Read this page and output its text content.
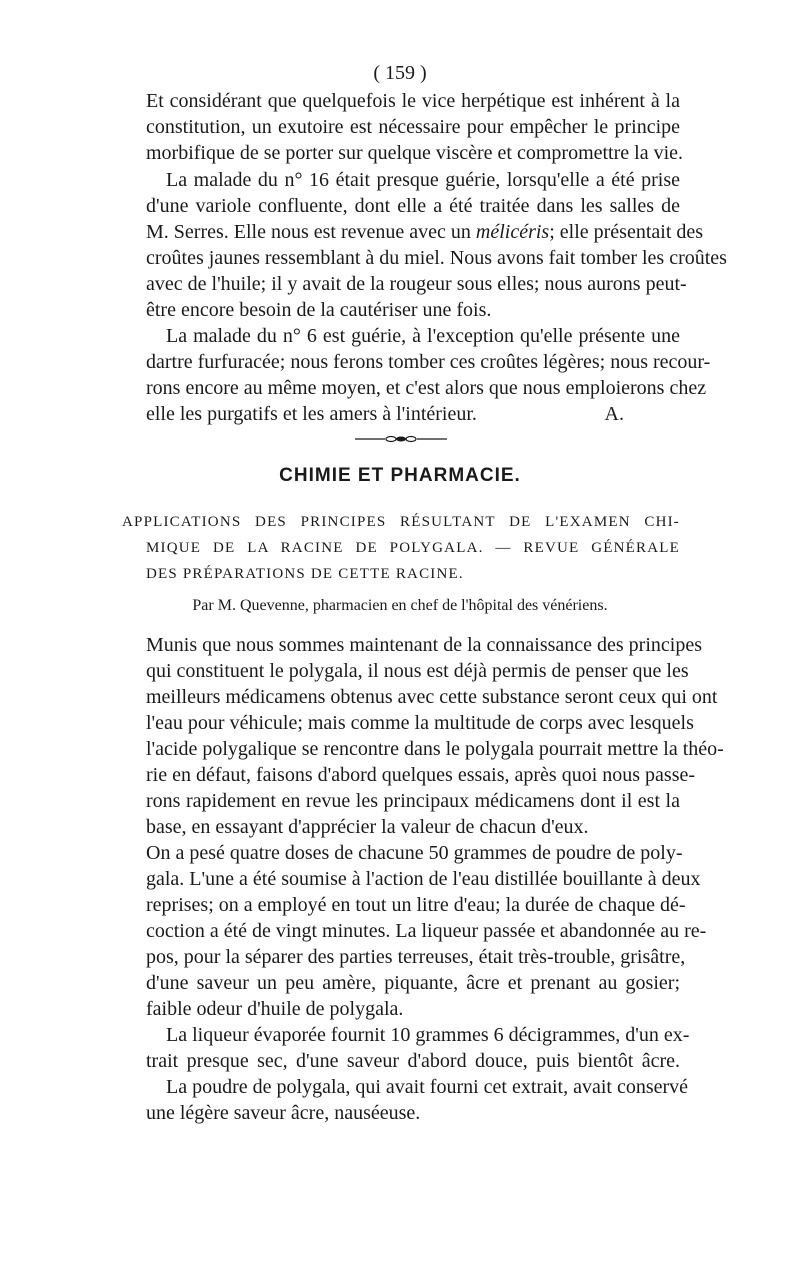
( 159 )
Et considérant que quelquefois le vice herpétique est inhérent à la
constitution, un exutoire est nécessaire pour empêcher le principe
morbifique de se porter sur quelque viscère et compromettre la vie.
La malade du n° 16 était presque guérie, lorsqu'elle a été prise
d'une variole confluente, dont elle a été traitée dans les salles de
M. Serres. Elle nous est revenue avec un mélicéris; elle présentait des
croûtes jaunes ressemblant à du miel. Nous avons fait tomber les croûtes
avec de l'huile; il y avait de la rougeur sous elles; nous aurons peut-
être encore besoin de la cautériser une fois.
La malade du n° 6 est guérie, à l'exception qu'elle présente une
dartre furfuracée; nous ferons tomber ces croûtes légères; nous recour-
rons encore au même moyen, et c'est alors que nous emploierons chez
elle les purgatifs et les amers à l'intérieur.	A.
CHIMIE ET PHARMACIE.
APPLICATIONS DES PRINCIPES RÉSULTANT DE L'EXAMEN CHI-
MIQUE DE LA RACINE DE POLYGALA. — REVUE GÉNÉRALE
DES PRÉPARATIONS DE CETTE RACINE.
Par M. Quevenne, pharmacien en chef de l'hôpital des vénériens.
Munis que nous sommes maintenant de la connaissance des principes
qui constituent le polygala, il nous est déjà permis de penser que les
meilleurs médicamens obtenus avec cette substance seront ceux qui ont
l'eau pour véhicule; mais comme la multitude de corps avec lesquels
l'acide polygalique se rencontre dans le polygala pourrait mettre la théo-
rie en défaut, faisons d'abord quelques essais, après quoi nous passe-
rons rapidement en revue les principaux médicamens dont il est la
base, en essayant d'apprécier la valeur de chacun d'eux.
On a pesé quatre doses de chacune 50 grammes de poudre de poly-
gala. L'une a été soumise à l'action de l'eau distillée bouillante à deux
reprises; on a employé en tout un litre d'eau; la durée de chaque dé-
coction a été de vingt minutes. La liqueur passée et abandonnée au re-
pos, pour la séparer des parties terreuses, était très-trouble, grisâtre,
d'une saveur un peu amère, piquante, âcre et prenant au gosier;
faible odeur d'huile de polygala.
La liqueur évaporée fournit 10 grammes 6 décigrammes, d'un ex-
trait presque sec, d'une saveur d'abord douce, puis bientôt âcre.
La poudre de polygala, qui avait fourni cet extrait, avait conservé
une légère saveur âcre, nauséeuse.
